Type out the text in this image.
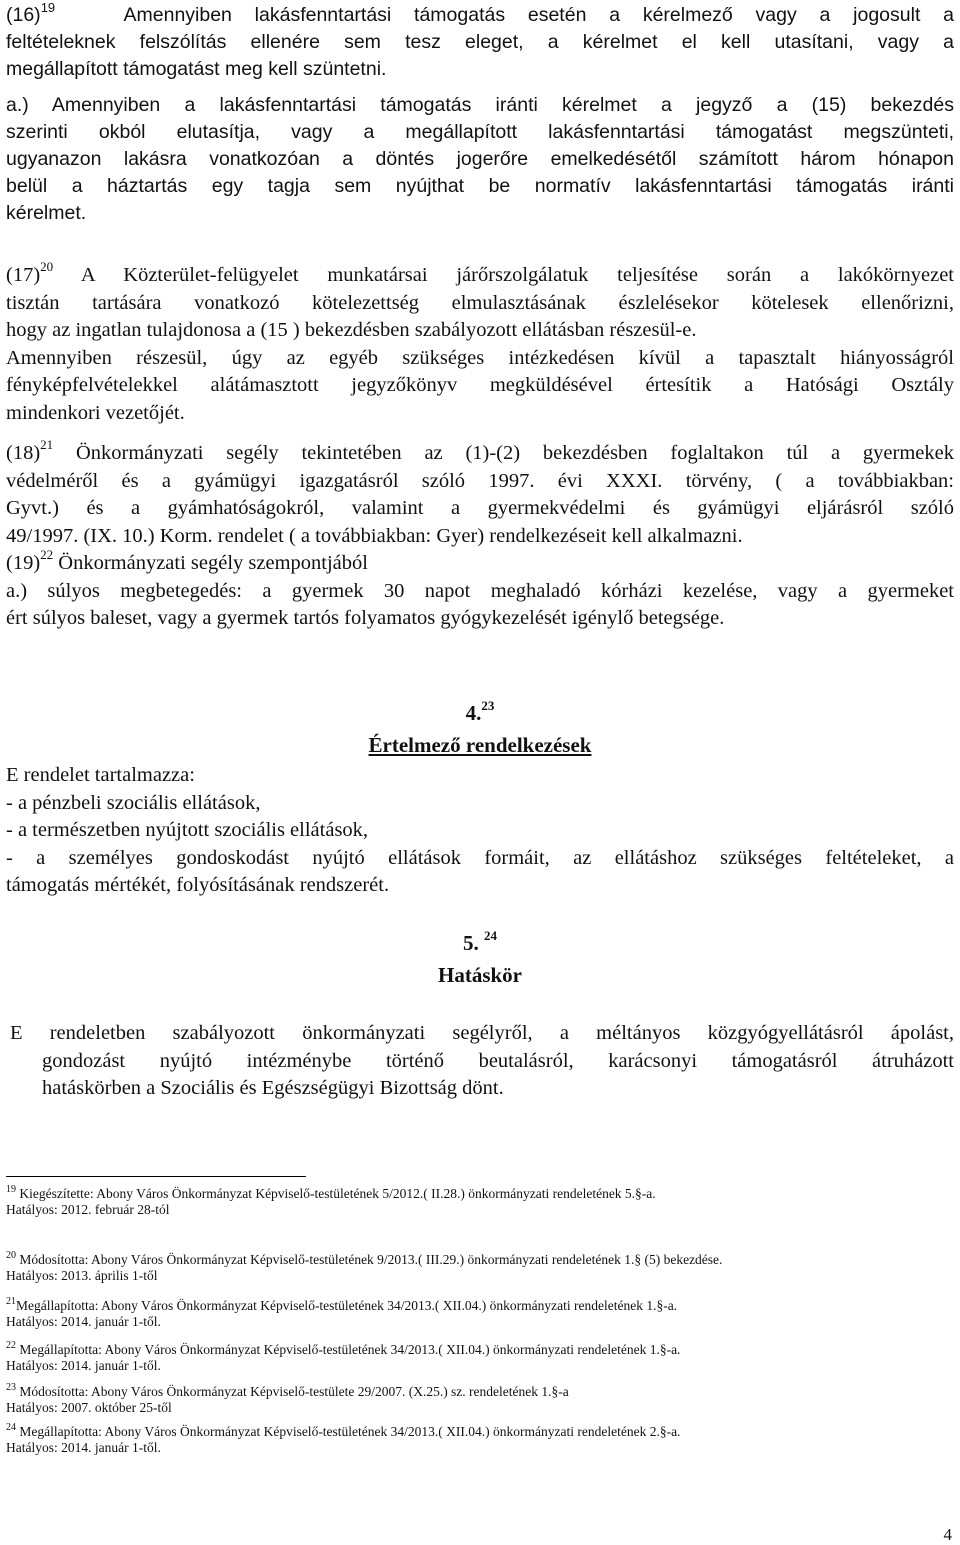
$(16)^{19}$	Amennyiben lakásfenntartási támogatás esetén a kérelmező vagy a jogosult a
feltételeknek felszólítás ellenére sem tesz eleget, a kérelmet el kell utasítani, vagy a
megállapított támogatást meg kell szüntetni.
a.) Amennyiben a lakásfenntartási támogatás iránti kérelmet a jegyző a (15) bekezdés
szerinti okból elutasítja, vagy a megállapított lakásfenntartási támogatást megszünteti,
ugyanazon lakásra vonatkozóan a döntés jogerőre emelkedésétől számított három hónapon
belül a háztartás egy tagja sem nyújthat be normatív lakásfenntartási támogatás iránti
kérelmet.
$(17)^{20}$ A Közterület-felügyelet munkatársai járőrszolgálatuk teljesítése során a lakókörnyezet
tisztán tartására vonatkozó kötelezettség elmulasztásának észlelésekor kötelesek ellenőrizni,
hogy az ingatlan tulajdonosa a (15 ) bekezdésben szabályozott ellátásban részesül-e.
Amennyiben részesül, úgy az egyéb szükséges intézkedésen kívül a tapasztalt hiányosságról
fényképfelvételekkel alátámasztott jegyzőkönyv megküldésével értesítik a Hatósági Osztály
mindenkori vezetőjét.
$(18)^{21}$ Önkormányzati segély tekintetében az (1)-(2) bekezdésben foglaltakon túl a gyermekek
védelméről és a gyámügyi igazgatásról szóló 1997. évi XXXI. törvény, ( a továbbiakban:
Gyvt.) és a gyámhatóságokról, valamint a gyermekvédelmi és gyámügyi eljárásról szóló
49/1997. (IX. 10.) Korm. rendelet ( a továbbiakban: Gyer) rendelkezéseit kell alkalmazni.
$(19)^{22}$ Önkormányzati segély szempontjából
a.) súlyos megbetegedés: a gyermek 30 napot meghaladó kórházi kezelése, vagy a gyermeket
ért súlyos baleset, vagy a gyermek tartós folyamatos gyógykezelését igénylő betegsége.
4.23
Értelmező rendelkezések
E rendelet tartalmazza:
- a pénzbeli szociális ellátások,
- a természetben nyújtott szociális ellátások,
- a személyes gondoskodást nyújtó ellátások formáit, az ellátáshoz szükséges feltételeket, a
támogatás mértékét, folyósításának rendszerét.
5. $^{24}$
Hatáskör
E rendeletben szabályozott önkormányzati segélyről, a méltányos közgyógyellátásról ápolást,
gondozást nyújtó intézménybe történő beutalásról, karácsonyi támogatásról átruházott
hatáskörben a Szociális és Egészségügyi Bizottság dönt.
$^{19}$ Kiegészítette: Abony Város Önkormányzat Képviselő-testületének 5/2012.( II.28.) önkormányzati rendeletének 5.§-a.
Hatályos: 2012. február 28-tól
$^{20}$ Módosította: Abony Város Önkormányzat Képviselő-testületének 9/2013.( III.29.) önkormányzati rendeletének 1.§ (5) bekezdése.
Hatályos: 2013. április 1-től
$^{21}$Megállapította: Abony Város Önkormányzat Képviselő-testületének 34/2013.( XII.04.) önkormányzati rendeletének 1.§-a.
Hatályos: 2014. január 1-től.
$^{22}$ Megállapította: Abony Város Önkormányzat Képviselő-testületének 34/2013.( XII.04.) önkormányzati rendeletének 1.§-a.
Hatályos: 2014. január 1-től.
$^{23}$ Módosította: Abony Város Önkormányzat Képviselő-testülete 29/2007. (X.25.) sz. rendeletének 1.§-a
Hatályos: 2007. október 25-től
$^{24}$ Megállapította: Abony Város Önkormányzat Képviselő-testületének 34/2013.( XII.04.) önkormányzati rendeletének 2.§-a.
Hatályos: 2014. január 1-től.
4
